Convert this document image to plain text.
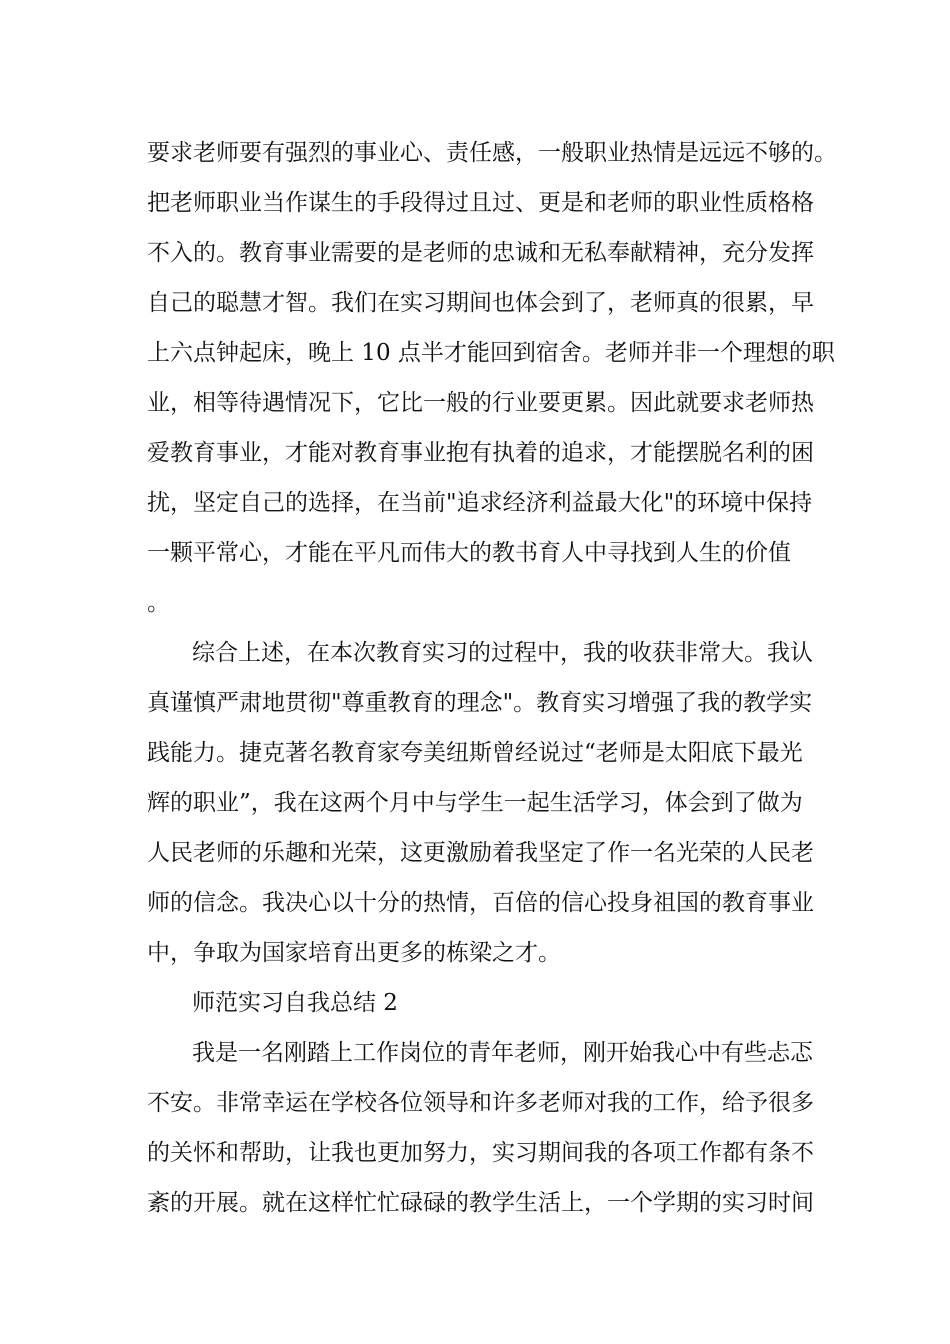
要求老师要有强烈的事业心、责任感，一般职业热情是远远不够的。
把老师职业当作谋生的手段得过且过、更是和老师的职业性质格格
不入的。教育事业需要的是老师的忠诚和无私奉献精神，充分发挥
自己的聪慧才智。我们在实习期间也体会到了，老师真的很累，早
上六点钟起床，晚上 10 点半才能回到宿舍。老师并非一个理想的职
业，相等待遇情况下，它比一般的行业要更累。因此就要求老师热
爱教育事业，才能对教育事业抱有执着的追求，才能摆脱名利的困
扰，坚定自己的选择，在当前"追求经济利益最大化"的环境中保持
一颗平常心，才能在平凡而伟大的教书育人中寻找到人生的价值
。
综合上述，在本次教育实习的过程中，我的收获非常大。我认
真谨慎严肃地贯彻"尊重教育的理念"。教育实习增强了我的教学实
践能力。捷克著名教育家夸美纽斯曾经说过“老师是太阳底下最光
辉的职业”，我在这两个月中与学生一起生活学习，体会到了做为
人民老师的乐趣和光荣，这更激励着我坚定了作一名光荣的人民老
师的信念。我决心以十分的热情，百倍的信心投身祖国的教育事业
中，争取为国家培育出更多的栋梁之才。
师范实习自我总结 2
我是一名刚踏上工作岗位的青年老师，刚开始我心中有些忐忑
不安。非常幸运在学校各位领导和许多老师对我的工作，给予很多
的关怀和帮助，让我也更加努力，实习期间我的各项工作都有条不
紊的开展。就在这样忙忙碌碌的教学生活上，一个学期的实习时间
